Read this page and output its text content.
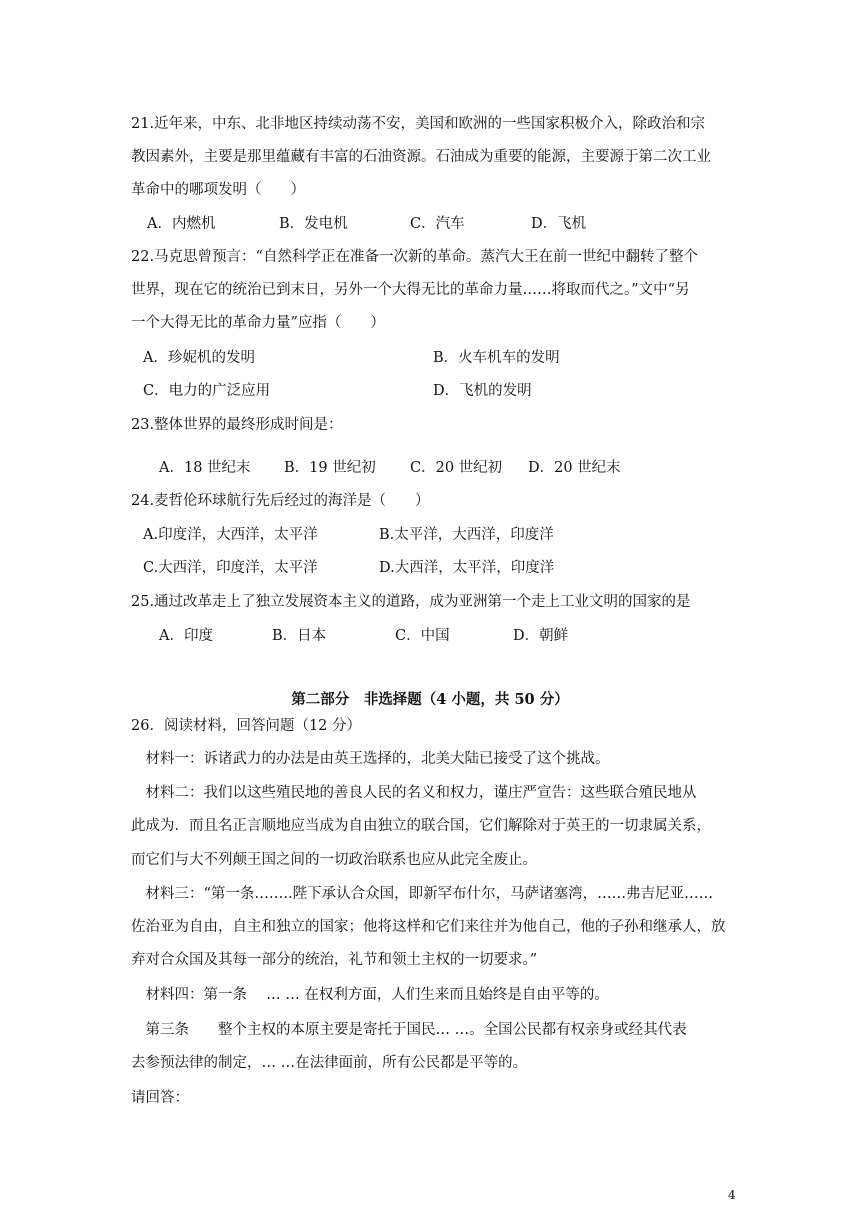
21.近年来，中东、北非地区持续动荡不安，美国和欧洲的一些国家积极介入，除政治和宗
教因素外，主要是那里蕴藏有丰富的石油资源。石油成为重要的能源，主要源于第二次工业
革命中的哪项发明（　　）

A．内燃机

	B．发电机

	C．汽车

	D．飞机

22.马克思曾预言：“自然科学正在准备一次新的革命。蒸汽大王在前一世纪中翻转了整个
世界，现在它的统治已到末日，另外一个大得无比的革命力量……将取而代之。”文中“另
一个大得无比的革命力量”应指（　　）

A．珍妮机的发明

	B．火车机车的发明

C．电力的广泛应用

	D．飞机的发明

23.整体世界的最终形成时间是：

A．18 世纪末

B．19 世纪初

C．20 世纪初

D．20 世纪末

24.麦哲伦环球航行先后经过的海洋是（　　）

A.印度洋，大西洋，太平洋

	B.太平洋，大西洋，印度洋

C.大西洋，印度洋，太平洋

	D.大西洋，太平洋，印度洋

25.通过改革走上了独立发展资本主义的道路，成为亚洲第一个走上工业文明的国家的是

A．印度

	B．日本

	C．中国

	D．朝鲜

第二部分　非选择题（4 小题，共 50 分）
26．阅读材料，回答问题（12 分）
　材料一：诉诸武力的办法是由英王选择的，北美大陆已接受了这个挑战。
　材料二：我们以这些殖民地的善良人民的名义和权力，谨庄严宣告：这些联合殖民地从
此成为．而且名正言顺地应当成为自由独立的联合国，它们解除对于英王的一切隶属关系，
而它们与大不列颠王国之间的一切政治联系也应从此完全废止。
　材料三：“第一条……..陛下承认合众国，即新罕布什尔，马萨诸塞湾，……弗吉尼亚……
佐治亚为自由，自主和独立的国家；他将这样和它们来往并为他自己，他的子孙和继承人，放
弃对合众国及其每一部分的统治，礼节和领土主权的一切要求。”
　材料四：第一条　 … … 在权利方面，人们生来而且始终是自由平等的。
　第三条　　整个主权的本原主要是寄托于国民… …。全国公民都有权亲身或经其代表
去参预法律的制定，… …在法律面前，所有公民都是平等的。
请回答：
4
